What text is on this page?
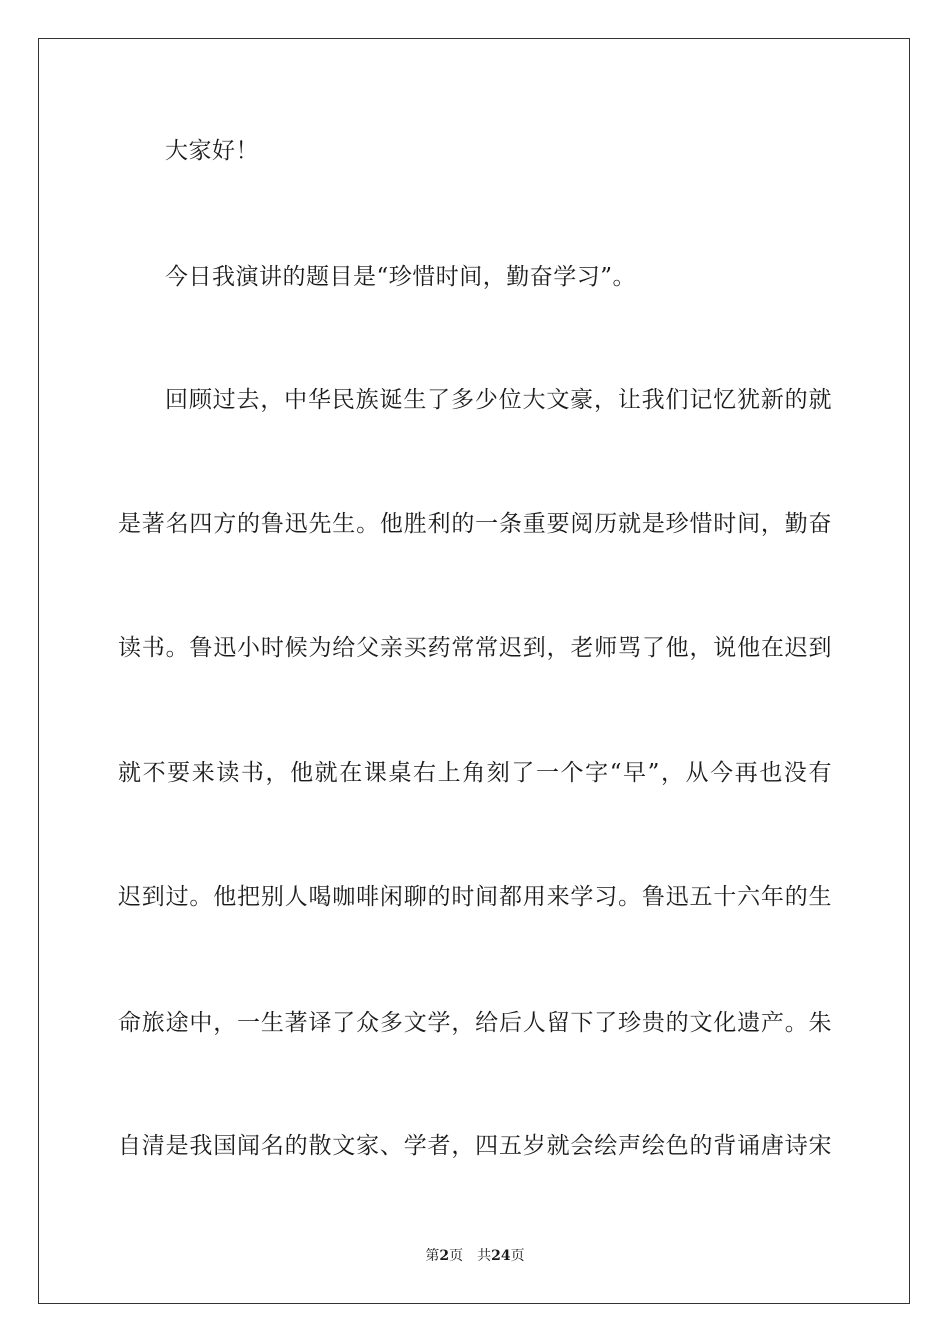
大家好！
今日我演讲的题目是“珍惜时间，勤奋学习”。
回顾过去，中华民族诞生了多少位大文豪，让我们记忆犹新的就
是著名四方的鲁迅先生。他胜利的一条重要阅历就是珍惜时间，勤奋
读书。鲁迅小时候为给父亲买药常常迟到，老师骂了他，说他在迟到
就不要来读书，他就在课桌右上角刻了一个字“早”，从今再也没有
迟到过。他把别人喝咖啡闲聊的时间都用来学习。鲁迅五十六年的生
命旅途中，一生著译了众多文学，给后人留下了珍贵的文化遗产。朱
自清是我国闻名的散文家、学者，四五岁就会绘声绘色的背诵唐诗宋
第2页 共24页
